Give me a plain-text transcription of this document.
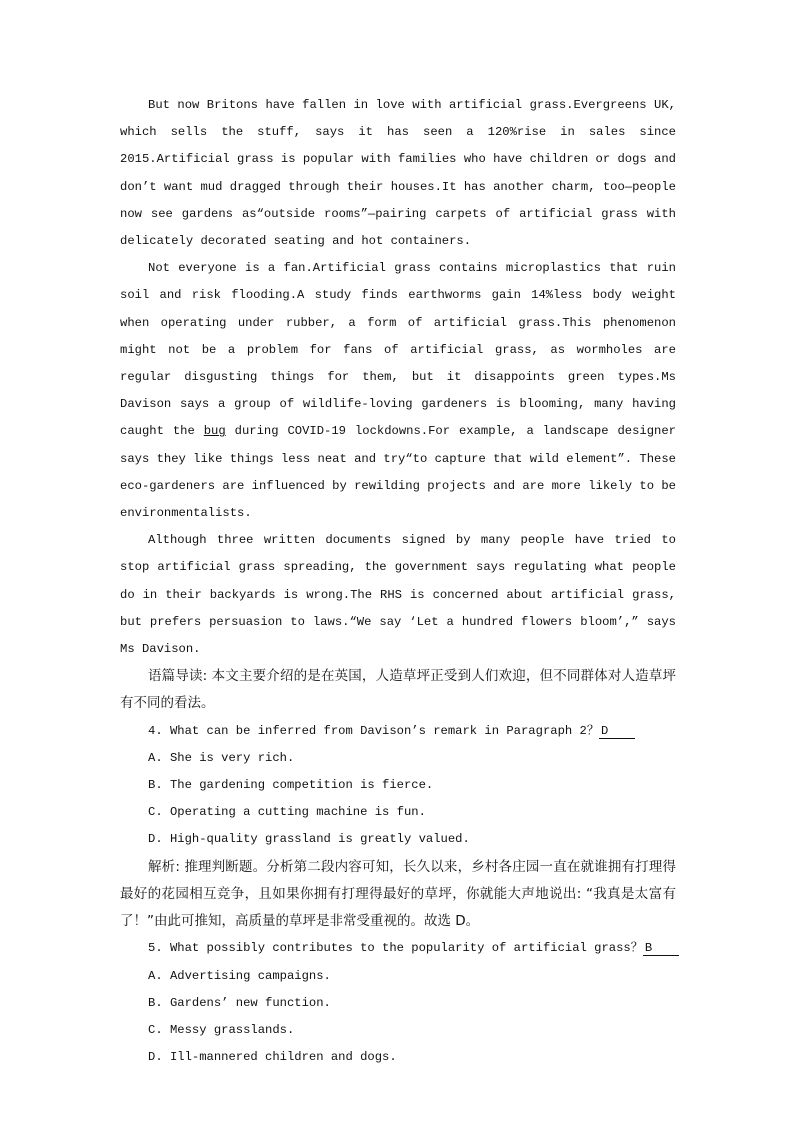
But now Britons have fallen in love with artificial grass.Evergreens UK, which sells the stuff, says it has seen a 120%rise in sales since 2015.Artificial grass is popular with families who have children or dogs and don’t want mud dragged through their houses.It has another charm, too—people now see gardens as“outside rooms”—pairing carpets of artificial grass with delicately decorated seating and hot containers.

Not everyone is a fan.Artificial grass contains microplastics that ruin soil and risk flooding.A study finds earthworms gain 14%less body weight when operating under rubber, a form of artificial grass.This phenomenon might not be a problem for fans of artificial grass, as wormholes are regular disgusting things for them, but it disappoints green types.Ms Davison says a group of wildlife-loving gardeners is blooming, many having caught the bug during COVID-19 lockdowns.For example, a landscape designer says they like things less neat and try“to capture that wild element”. These eco-gardeners are influenced by rewilding projects and are more likely to be environmentalists.

Although three written documents signed by many people have tried to stop artificial grass spreading, the government says regulating what people do in their backyards is wrong.The RHS is concerned about artificial grass, but prefers persuasion to laws.“We say ‘Let a hundred flowers bloom’,” says Ms Davison.

语篇导读: 本文主要介绍的是在英国，人造草坪正受到人们欢迎，但不同群体对人造草坪有不同的看法。

4. What can be inferred from Davison’s remark in Paragraph 2？ D

A. She is very rich.

B. The gardening competition is fierce.

C. Operating a cutting machine is fun.

D. High-quality grassland is greatly valued.

解析: 推理判断题。分析第二段内容可知，长久以来，乡村各庄园一直在就谁拥有打理得最好的花园相互竞争，且如果你拥有打理得最好的草坪，你就能大声地说出: “我真是太富有了！”由此可推知，高质量的草坪是非常受重视的。故选 D。

5. What possibly contributes to the popularity of artificial grass？ B

A. Advertising campaigns.

B. Gardens’ new function.

C. Messy grasslands.

D. Ill-mannered children and dogs.
